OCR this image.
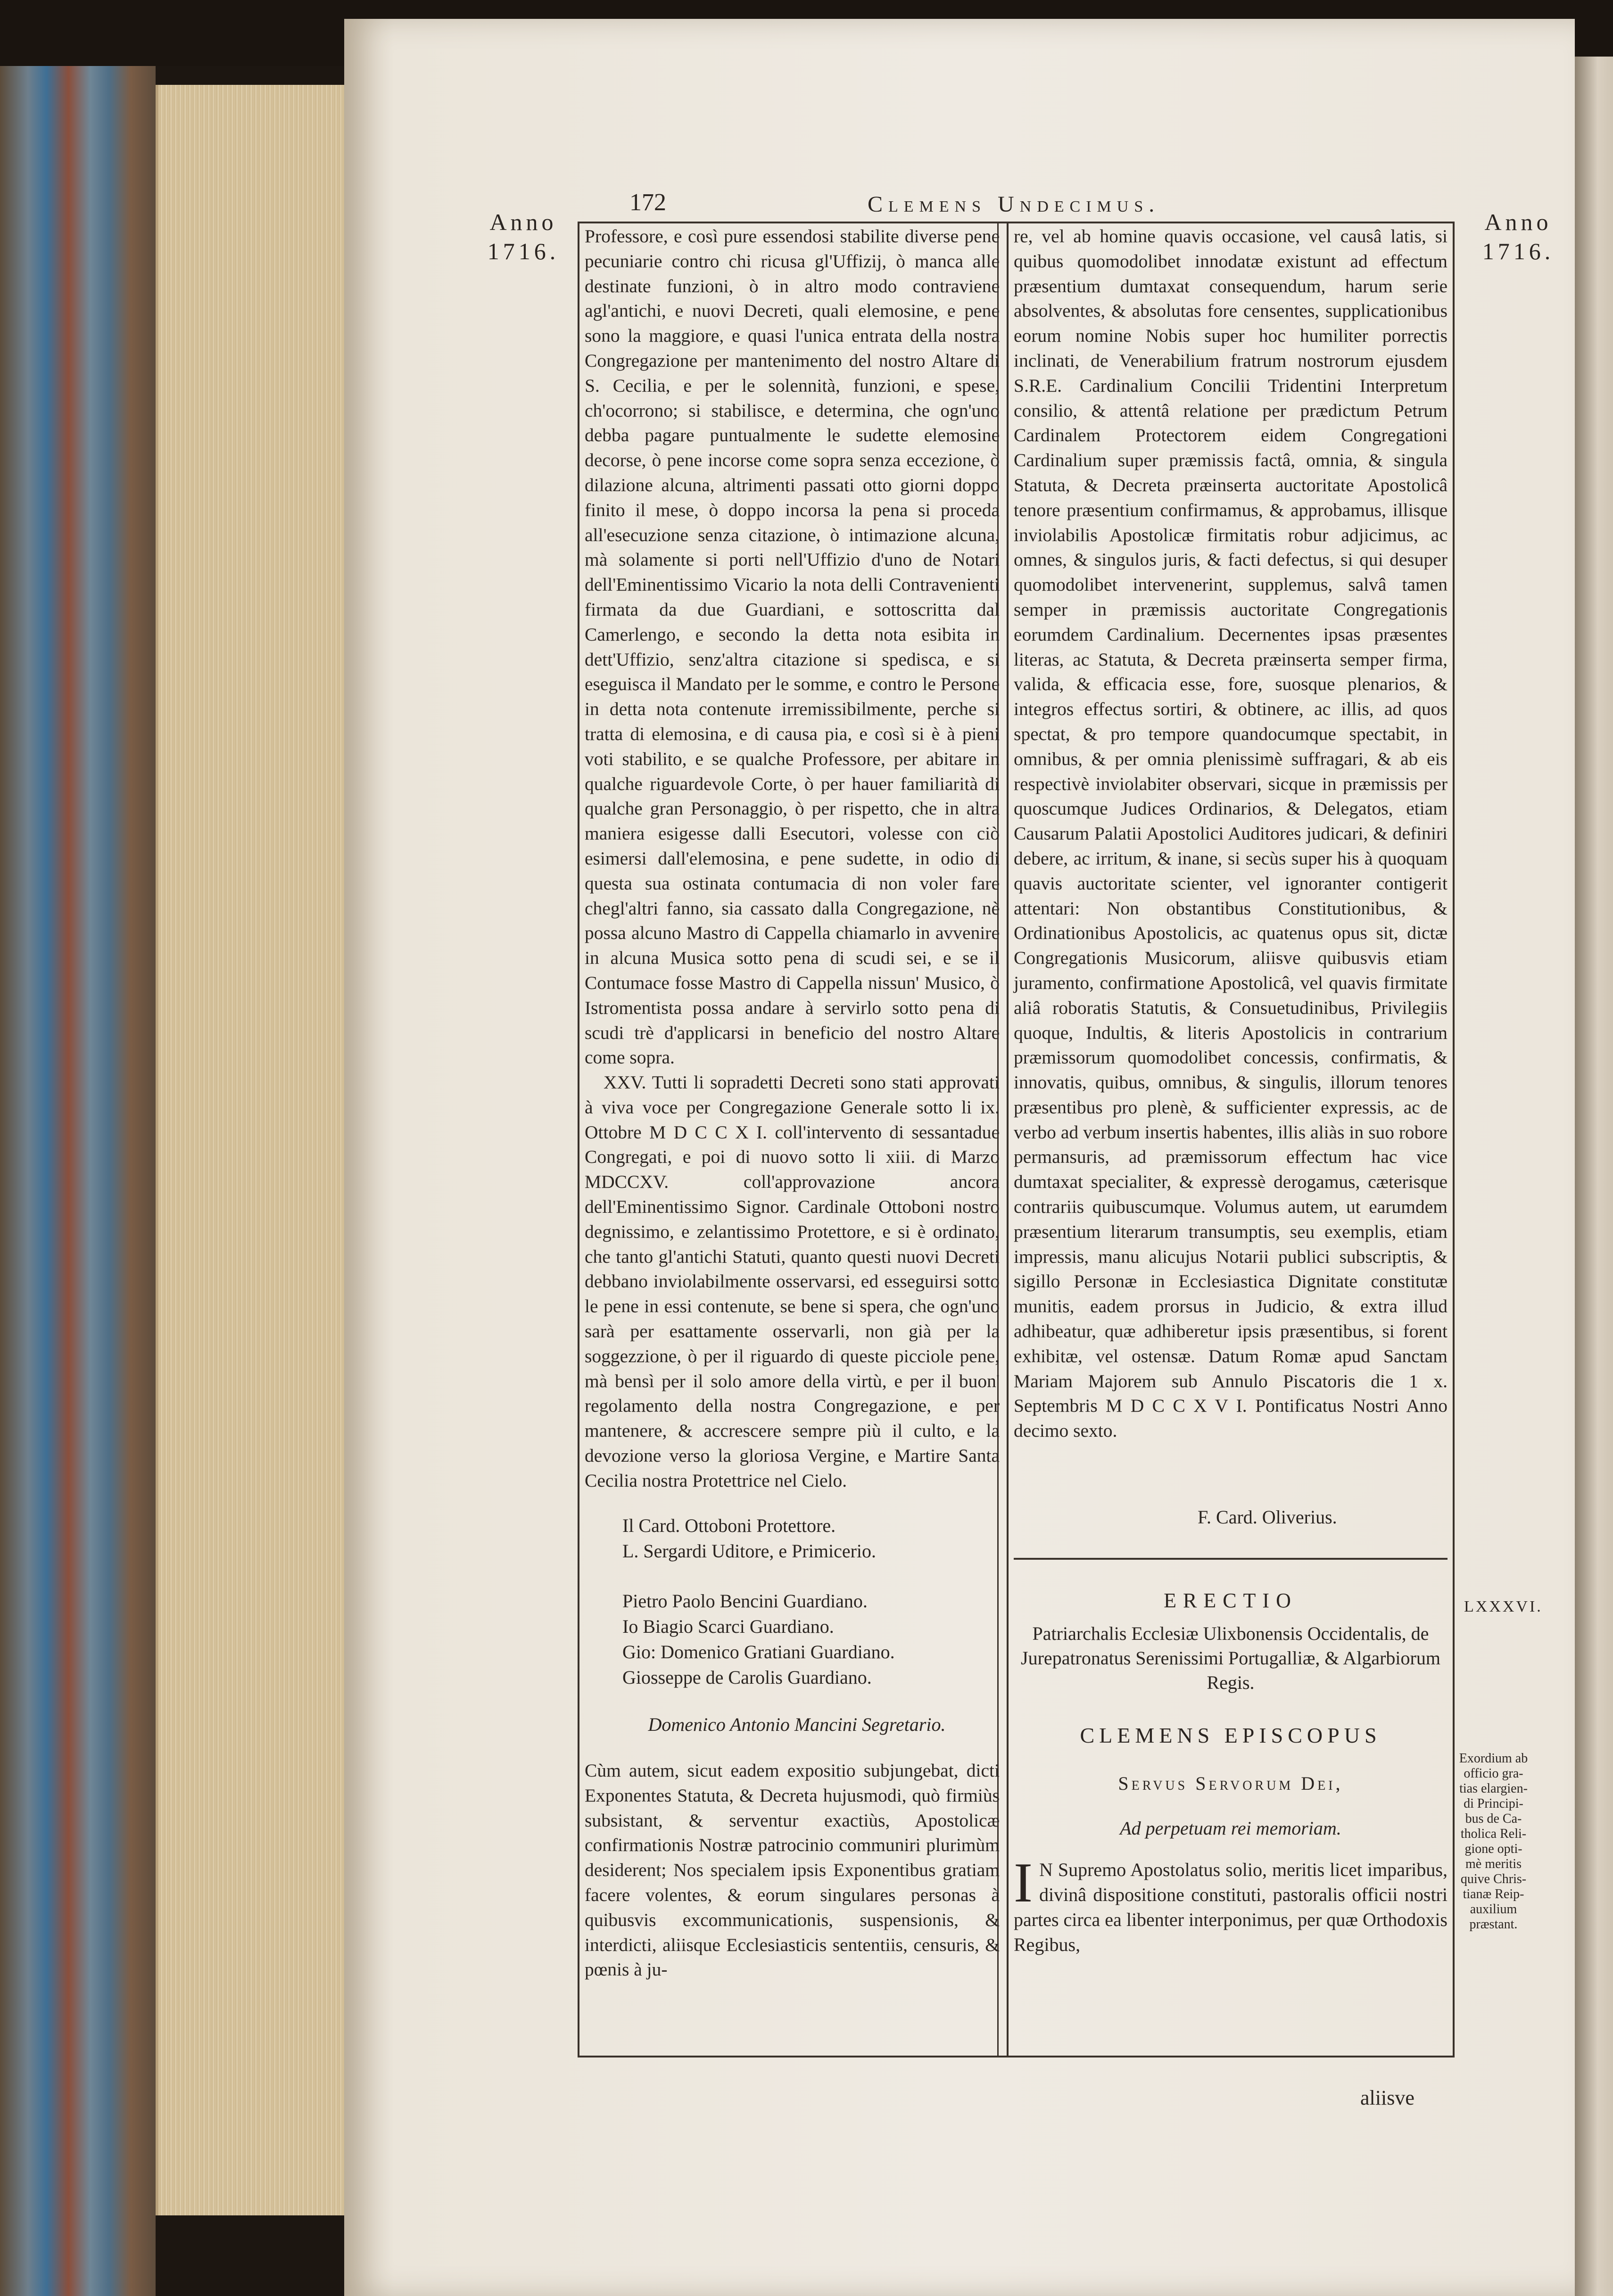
Anno
1716.
Anno
1716.
172	Clemens Undecimus.

Professore, e così pure essendosi stabilite diverse pene pecuniarie contro chi ricusa gl'Uffizij, ò manca alle destinate funzioni, ò in altro modo contraviene agl'antichi, e nuovi Decreti, quali elemosine, e pene sono la maggiore, e quasi l'unica entrata della nostra Congregazione per mantenimento del nostro Altare di S. Cecilia, e per le solennità, funzioni, e spese, ch'ocorrono; si stabilisce, e determina, che ogn'uno debba pagare puntualmente le sudette elemosine decorse, ò pene incorse come sopra senza eccezione, ò dilazione alcuna, altrimenti passati otto giorni doppo finito il mese, ò doppo incorsa la pena si proceda all'esecuzione senza citazione, ò intimazione alcuna, mà solamente si porti nell'Uffizio d'uno de Notari dell'Eminentissimo Vicario la nota delli Contravenienti firmata da due Guardiani, e sottoscritta dal Camerlengo, e secondo la detta nota esibita in dett'Uffizio, senz'altra citazione si spedisca, e si eseguisca il Mandato per le somme, e contro le Persone in detta nota contenute irremissibilmente, perche si tratta di elemosina, e di causa pia, e così si è à pieni voti stabilito, e se qualche Professore, per abitare in qualche riguardevole Corte, ò per hauer familiarità di qualche gran Personaggio, ò per rispetto, che in altra maniera esigesse dalli Esecutori, volesse con ciò esimersi dall'elemosina, e pene sudette, in odio di questa sua ostinata contumacia di non voler fare chegl'altri fanno, sia cassato dalla Congregazione, nè possa alcuno Mastro di Cappella chiamarlo in avvenire in alcuna Musica sotto pena di scudi sei, e se il Contumace fosse Mastro di Cappella nissun' Musico, ò Istromentista possa andare à servirlo sotto pena di scudi trè d'applicarsi in beneficio del nostro Altare come sopra.

XXV. Tutti li sopradetti Decreti sono stati approvati à viva voce per Congregazione Generale sotto li ix. Ottobre M D C C X I. coll'intervento di sessantadue Congregati, e poi di nuovo sotto li xiii. di Marzo MDCCXV. coll'approvazione ancora dell'Eminentissimo Signor. Cardinale Ottoboni nostro degnissimo, e zelantissimo Protettore, e si è ordinato, che tanto gl'antichi Statuti, quanto questi nuovi Decreti debbano inviolabilmente osservarsi, ed esseguirsi sotto le pene in essi contenute, se bene si spera, che ogn'uno sarà per esattamente osservarli, non già per la soggezzione, ò per il riguardo di queste picciole pene, mà bensì per il solo amore della virtù, e per il buon' regolamento della nostra Congregazione, e per mantenere, & accrescere sempre più il culto, e la devozione verso la gloriosa Vergine, e Martire Santa Cecilia nostra Protettrice nel Cielo.

Il Card. Ottoboni Protettore.
L. Sergardi Uditore, e Primicerio.
Pietro Paolo Bencini Guardiano.
Io Biagio Scarci Guardiano.
Gio: Domenico Gratiani Guardiano.
Giosseppe de Carolis Guardiano.
Domenico Antonio Mancini Segretario.

Cùm autem, sicut eadem expositio subjungebat, dicti Exponentes Statuta, & Decreta hujusmodi, quò firmiùs subsistant, & serventur exactiùs, Apostolicæ confirmationis Nostræ patrocinio communiri plurimùm desiderent; Nos specialem ipsis Exponentibus gratiam facere volentes, & eorum singulares personas à quibusvis excommunicationis, suspensionis, & interdicti, aliisque Ecclesiasticis sententiis, censuris, & pœnis à ju-

re, vel ab homine quavis occasione, vel causâ latis, si quibus quomodolibet innodatæ existunt ad effectum præsentium dumtaxat consequendum, harum serie absolventes, & absolutas fore censentes, supplicationibus eorum nomine Nobis super hoc humiliter porrectis inclinati, de Venerabilium fratrum nostrorum ejusdem S.R.E. Cardinalium Concilii Tridentini Interpretum consilio, & attentâ relatione per prædictum Petrum Cardinalem Protectorem eidem Congregationi Cardinalium super præmissis factâ, omnia, & singula Statuta, & Decreta præinserta auctoritate Apostolicâ tenore præsentium confirmamus, & approbamus, illisque inviolabilis Apostolicæ firmitatis robur adjicimus, ac omnes, & singulos juris, & facti defectus, si qui desuper quomodolibet intervenerint, supplemus, salvâ tamen semper in præmissis auctoritate Congregationis eorumdem Cardinalium. Decernentes ipsas præsentes literas, ac Statuta, & Decreta præinserta semper firma, valida, & efficacia esse, fore, suosque plenarios, & integros effectus sortiri, & obtinere, ac illis, ad quos spectat, & pro tempore quandocumque spectabit, in omnibus, & per omnia plenissimè suffragari, & ab eis respectivè inviolabiter observari, sicque in præmissis per quoscumque Judices Ordinarios, & Delegatos, etiam Causarum Palatii Apostolici Auditores judicari, & definiri debere, ac irritum, & inane, si secùs super his à quoquam quavis auctoritate scienter, vel ignoranter contigerit attentari: Non obstantibus Constitutionibus, & Ordinationibus Apostolicis, ac quatenus opus sit, dictæ Congregationis Musicorum, aliisve quibusvis etiam juramento, confirmatione Apostolicâ, vel quavis firmitate aliâ roboratis Statutis, & Consuetudinibus, Privilegiis quoque, Indultis, & literis Apostolicis in contrarium præmissorum quomodolibet concessis, confirmatis, & innovatis, quibus, omnibus, & singulis, illorum tenores præsentibus pro plenè, & sufficienter expressis, ac de verbo ad verbum insertis habentes, illis aliàs in suo robore permansuris, ad præmissorum effectum hac vice dumtaxat specialiter, & expressè derogamus, cæterisque contrariis quibuscumque. Volumus autem, ut earumdem præsentium literarum transumptis, seu exemplis, etiam impressis, manu alicujus Notarii publici subscriptis, & sigillo Personæ in Ecclesiastica Dignitate constitutæ munitis, eadem prorsus in Judicio, & extra illud adhibeatur, quæ adhiberetur ipsis præsentibus, si forent exhibitæ, vel ostensæ. Datum Romæ apud Sanctam Mariam Majorem sub Annulo Piscatoris die 1 x. Septembris M D C C X V I. Pontificatus Nostri Anno decimo sexto.

F. Card. Oliverius.
ERECTIO
Patriarchalis Ecclesiæ Ulixbonensis Occidentalis, de Jurepatronatus Serenissimi Portugalliæ, & Algarbiorum Regis.
CLEMENS EPISCOPUS
Servus Servorum Dei,
Ad perpetuam rei memoriam.
I N Supremo Apostolatus solio, meritis licet imparibus, divinâ dispositione constituti, pastoralis officii nostri partes circa ea libenter interponimus, per quæ Orthodoxis Regibus,
LXXXVI.
Exordium ab
officio gra-
tias elargien-
di Principi-
bus de Ca-
tholica Reli-
gione opti-
mè meritis
quive Chris-
tianæ Reip-
auxilium
præstant.
aliisve
